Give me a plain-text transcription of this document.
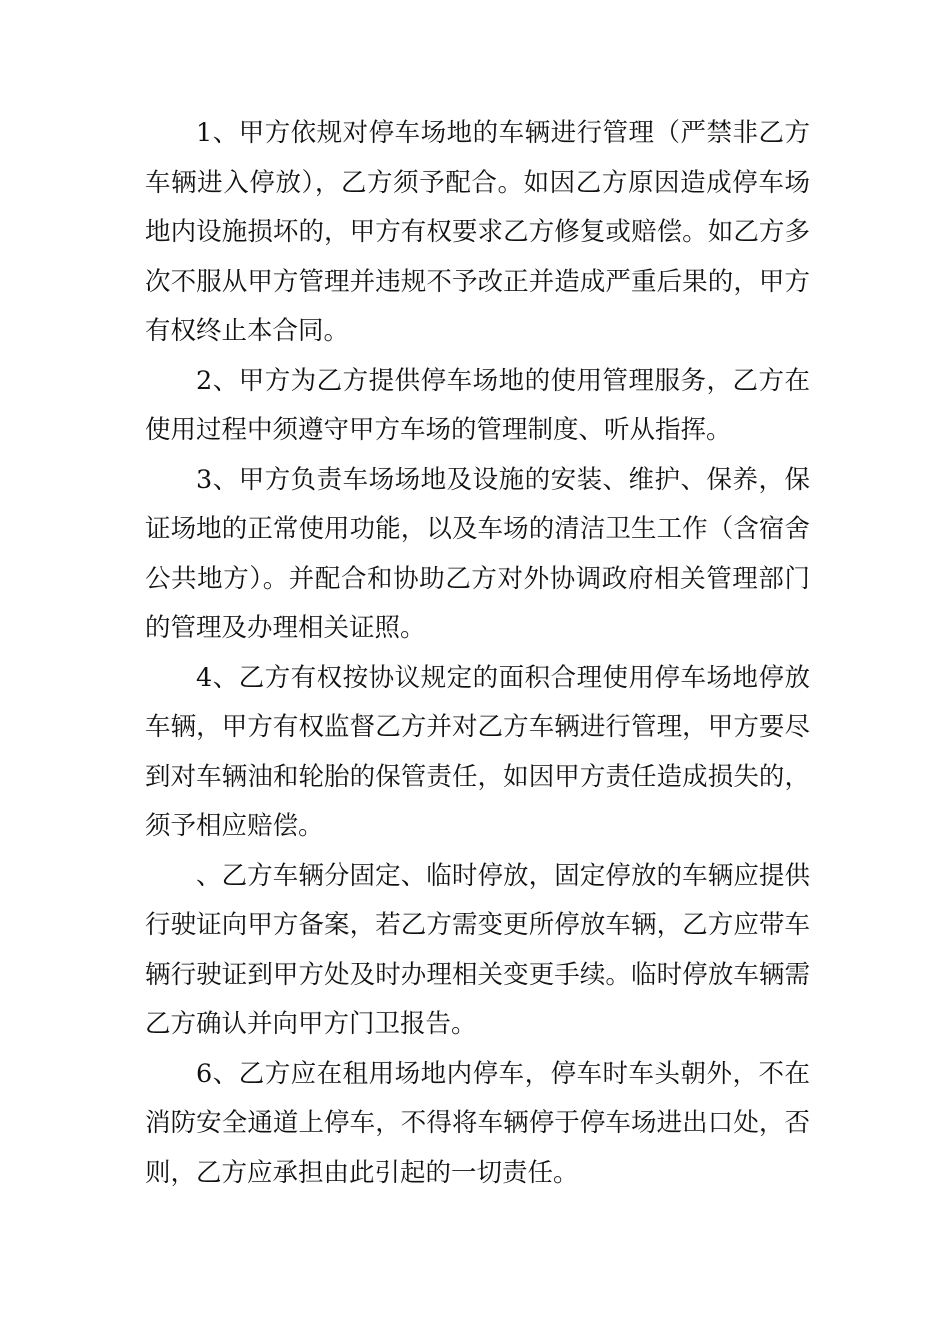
1、甲方依规对停车场地的车辆进行管理（严禁非乙方车辆进入停放），乙方须予配合。如因乙方原因造成停车场地内设施损坏的，甲方有权要求乙方修复或赔偿。如乙方多次不服从甲方管理并违规不予改正并造成严重后果的，甲方有权终止本合同。

2、甲方为乙方提供停车场地的使用管理服务，乙方在使用过程中须遵守甲方车场的管理制度、听从指挥。

3、甲方负责车场场地及设施的安装、维护、保养，保证场地的正常使用功能，以及车场的清洁卫生工作（含宿舍公共地方）。并配合和协助乙方对外协调政府相关管理部门的管理及办理相关证照。

4、乙方有权按协议规定的面积合理使用停车场地停放车辆，甲方有权监督乙方并对乙方车辆进行管理，甲方要尽到对车辆油和轮胎的保管责任，如因甲方责任造成损失的，须予相应赔偿。

、乙方车辆分固定、临时停放，固定停放的车辆应提供行驶证向甲方备案，若乙方需变更所停放车辆，乙方应带车辆行驶证到甲方处及时办理相关变更手续。临时停放车辆需乙方确认并向甲方门卫报告。

6、乙方应在租用场地内停车，停车时车头朝外，不在消防安全通道上停车，不得将车辆停于停车场进出口处，否则，乙方应承担由此引起的一切责任。
